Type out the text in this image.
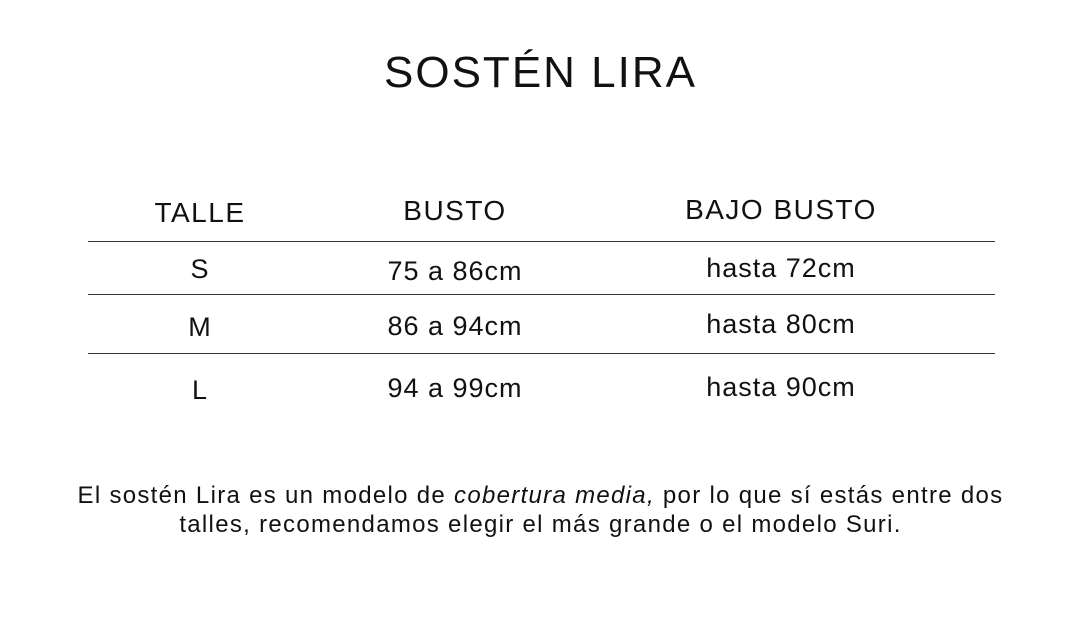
SOSTÉN LIRA
TALLE	BUSTO	BAJO BUSTO
S	75 a 86cm	hasta 72cm
M	86 a 94cm	hasta 80cm
L	94 a 99cm	hasta 90cm
El sostén Lira es un modelo de cobertura media, por lo que sí estás entre dos talles, recomendamos elegir el más grande o el modelo Suri.
